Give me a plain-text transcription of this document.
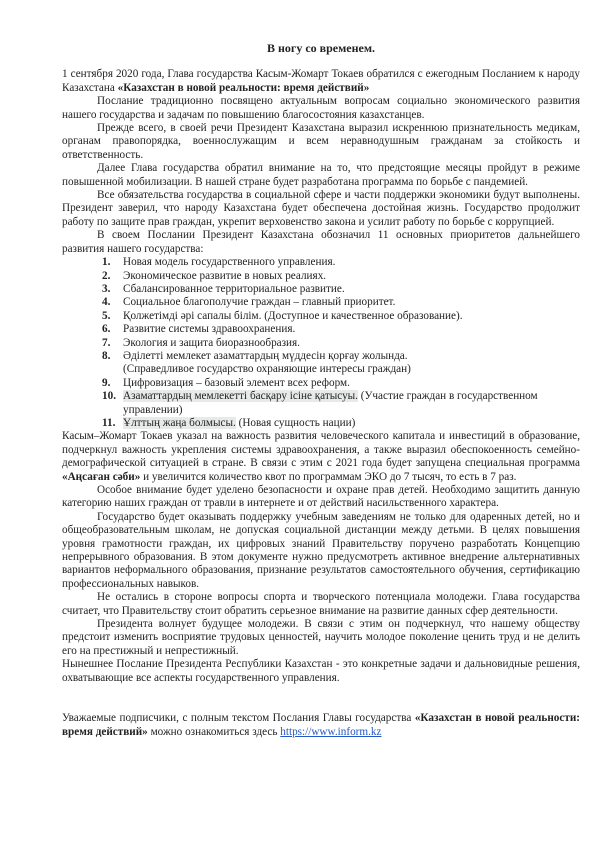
В ногу со временем.

1 сентября 2020 года, Глава государства Касым-Жомарт Токаев обратился с ежегодным Посланием к народу Казахстана «Казахстан в новой реальности: время действий»

Послание традиционно посвящено актуальным вопросам социально экономического развития нашего государства и задачам по повышению благосостояния казахстанцев.

Прежде всего, в своей речи Президент Казахстана выразил искреннюю признательность медикам, органам правопорядка, военнослужащим и всем неравнодушным гражданам за стойкость и ответственность.

Далее Глава государства обратил внимание на то, что предстоящие месяцы пройдут в режиме повышенной мобилизации. В нашей стране будет разработана программа по борьбе с пандемией.

Все обязательства государства в социальной сфере и части поддержки экономики будут выполнены. Президент заверил, что народу Казахстана будет обеспечена достойная жизнь. Государство продолжит работу по защите прав граждан, укрепит верховенство закона и усилит работу по борьбе с коррупцией.

В своем Послании Президент Казахстана обозначил 11 основных приоритетов дальнейшего развития нашего государства:

1. Новая модель государственного управления.
2. Экономическое развитие в новых реалиях.
3. Сбалансированное территориальное развитие.
4. Социальное благополучие граждан – главный приоритет.
5. Қолжетімді әрі сапалы білім. (Доступное и качественное образование).
6. Развитие системы здравоохранения.
7. Экология и защита биоразнообразия.
8. Әділетті мемлекет азаматтардың мүддесін қорғау жолында.
(Справедливое государство охраняющие интересы граждан)
9. Цифровизация – базовый элемент всех реформ.
10. Азаматтардың мемлекетті басқару ісіне қатысуы. (Участие граждан в государственном управлении)
11. Ұлттың жаңа болмысы. (Новая сущность нации)

Касым–Жомарт Токаев указал на важность развития человеческого капитала и инвестиций в образование, подчеркнул важность укрепления системы здравоохранения, а также выразил обеспокоенность семейно-демографической ситуацией в стране. В связи с этим с 2021 года будет запущена специальная программа «Аңсаған сәби» и увеличится количество квот по программам ЭКО до 7 тысяч, то есть в 7 раз.

Особое внимание будет уделено безопасности и охране прав детей. Необходимо защитить данную категорию наших граждан от травли в интернете и от действий насильственного характера.

Государство будет оказывать поддержку учебным заведениям не только для одаренных детей, но и общеобразовательным школам, не допуская социальной дистанции между детьми. В целях повышения уровня грамотности граждан, их цифровых знаний Правительству поручено разработать Концепцию непрерывного образования. В этом документе нужно предусмотреть активное внедрение альтернативных вариантов неформального образования, признание результатов самостоятельного обучения, сертификацию профессиональных навыков.

Не остались в стороне вопросы спорта и творческого потенциала молодежи. Глава государства считает, что Правительству стоит обратить серьезное внимание на развитие данных сфер деятельности.

Президента волнует будущее молодежи. В связи с этим он подчеркнул, что нашему обществу предстоит изменить восприятие трудовых ценностей, научить молодое поколение ценить труд и не делить его на престижный и непрестижный.

Нынешнее Послание Президента Республики Казахстан - это конкретные задачи и дальновидные решения, охватывающие все аспекты государственного управления.

Уважаемые подписчики, с полным текстом Послания Главы государства «Казахстан в новой реальности: время действий» можно ознакомиться здесь https://www.inform.kz
